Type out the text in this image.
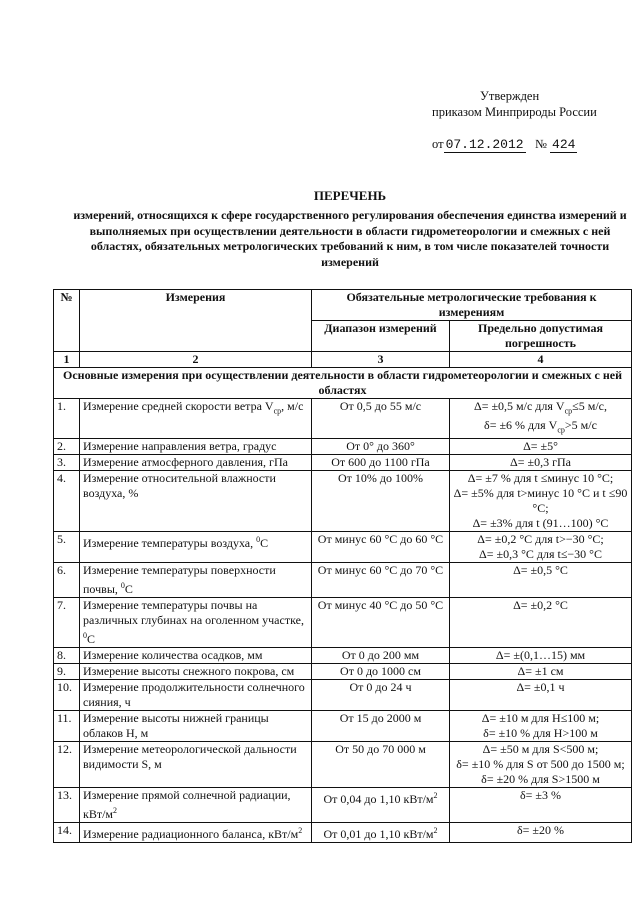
Утвержден
приказом Минприроды России
от 07.12.2012 № 424
ПЕРЕЧЕНЬ
измерений, относящихся к сфере государственного регулирования обеспечения единства измерений и выполняемых при осуществлении деятельности в области гидрометеорологии и смежных с ней областях, обязательных метрологических требований к ним, в том числе показателей точности измерений
№	Измерения	Обязательные метрологические требования к измерениям	
		Диапазон измерений	Предельно допустимая погрешность
1	2	3	4
Основные измерения при осуществлении деятельности в области гидрометеорологии и смежных с ней областях			
1.	Измерение средней скорости ветра $V_{ср}$, м/с	От 0,5 до 55 м/с	Δ= ±0,5 м/с для $V_{ср}\le 5$ м/с,
δ= ±6 % для $V_{ср}>5$ м/с
2.	Измерение направления ветра, градус	От 0° до 360°	Δ= ±5°
3.	Измерение атмосферного давления, гПа	От 600 до 1100 гПа	Δ= ±0,3 гПа
4.	Измерение относительной влажности воздуха, %	От 10% до 100%	Δ= ±7 % для t ≤минус 10 °С;
Δ= ±5% для t>минус 10 °С и t ≤90 °С;
Δ= ±3% для t (91…100) °С
5.	Измерение температуры воздуха, $^0$С	От минус 60 °С до 60 °С	Δ= ±0,2 °С для t>−30 °С;
Δ= ±0,3 °С для t≤−30 °С
6.	Измерение температуры поверхности почвы, $^0$С	От минус 60 °С до 70 °С	Δ= ±0,5 °С
7.	Измерение температуры почвы на различных глубинах на оголенном участке, $^0$С	От минус 40 °С до 50 °С	Δ= ±0,2 °С
8.	Измерение количества осадков, мм	От 0 до 200 мм	Δ= ±(0,1…15) мм
9.	Измерение высоты снежного покрова, см	От 0 до 1000 см	Δ= ±1 см
10.	Измерение продолжительности солнечного сияния, ч	От 0 до 24 ч	Δ= ±0,1 ч
11.	Измерение высоты нижней границы облаков H, м	От 15 до 2000 м	Δ= ±10 м для H≤100 м;
δ= ±10 % для H>100 м
12.	Измерение метеорологической дальности видимости S, м	От 50 до 70 000 м	Δ= ±50 м для S<500 м;
δ= ±10 % для S от 500 до 1500 м;
δ= ±20 % для S>1500 м
13.	Измерение прямой солнечной радиации, кВт/$м^2$	От 0,04 до 1,10 кВт/$м^2$	δ= ±3 %
14.	Измерение радиационного баланса, кВт/$м^2$	От 0,01 до 1,10 кВт/$м^2$	δ= ±20 %
